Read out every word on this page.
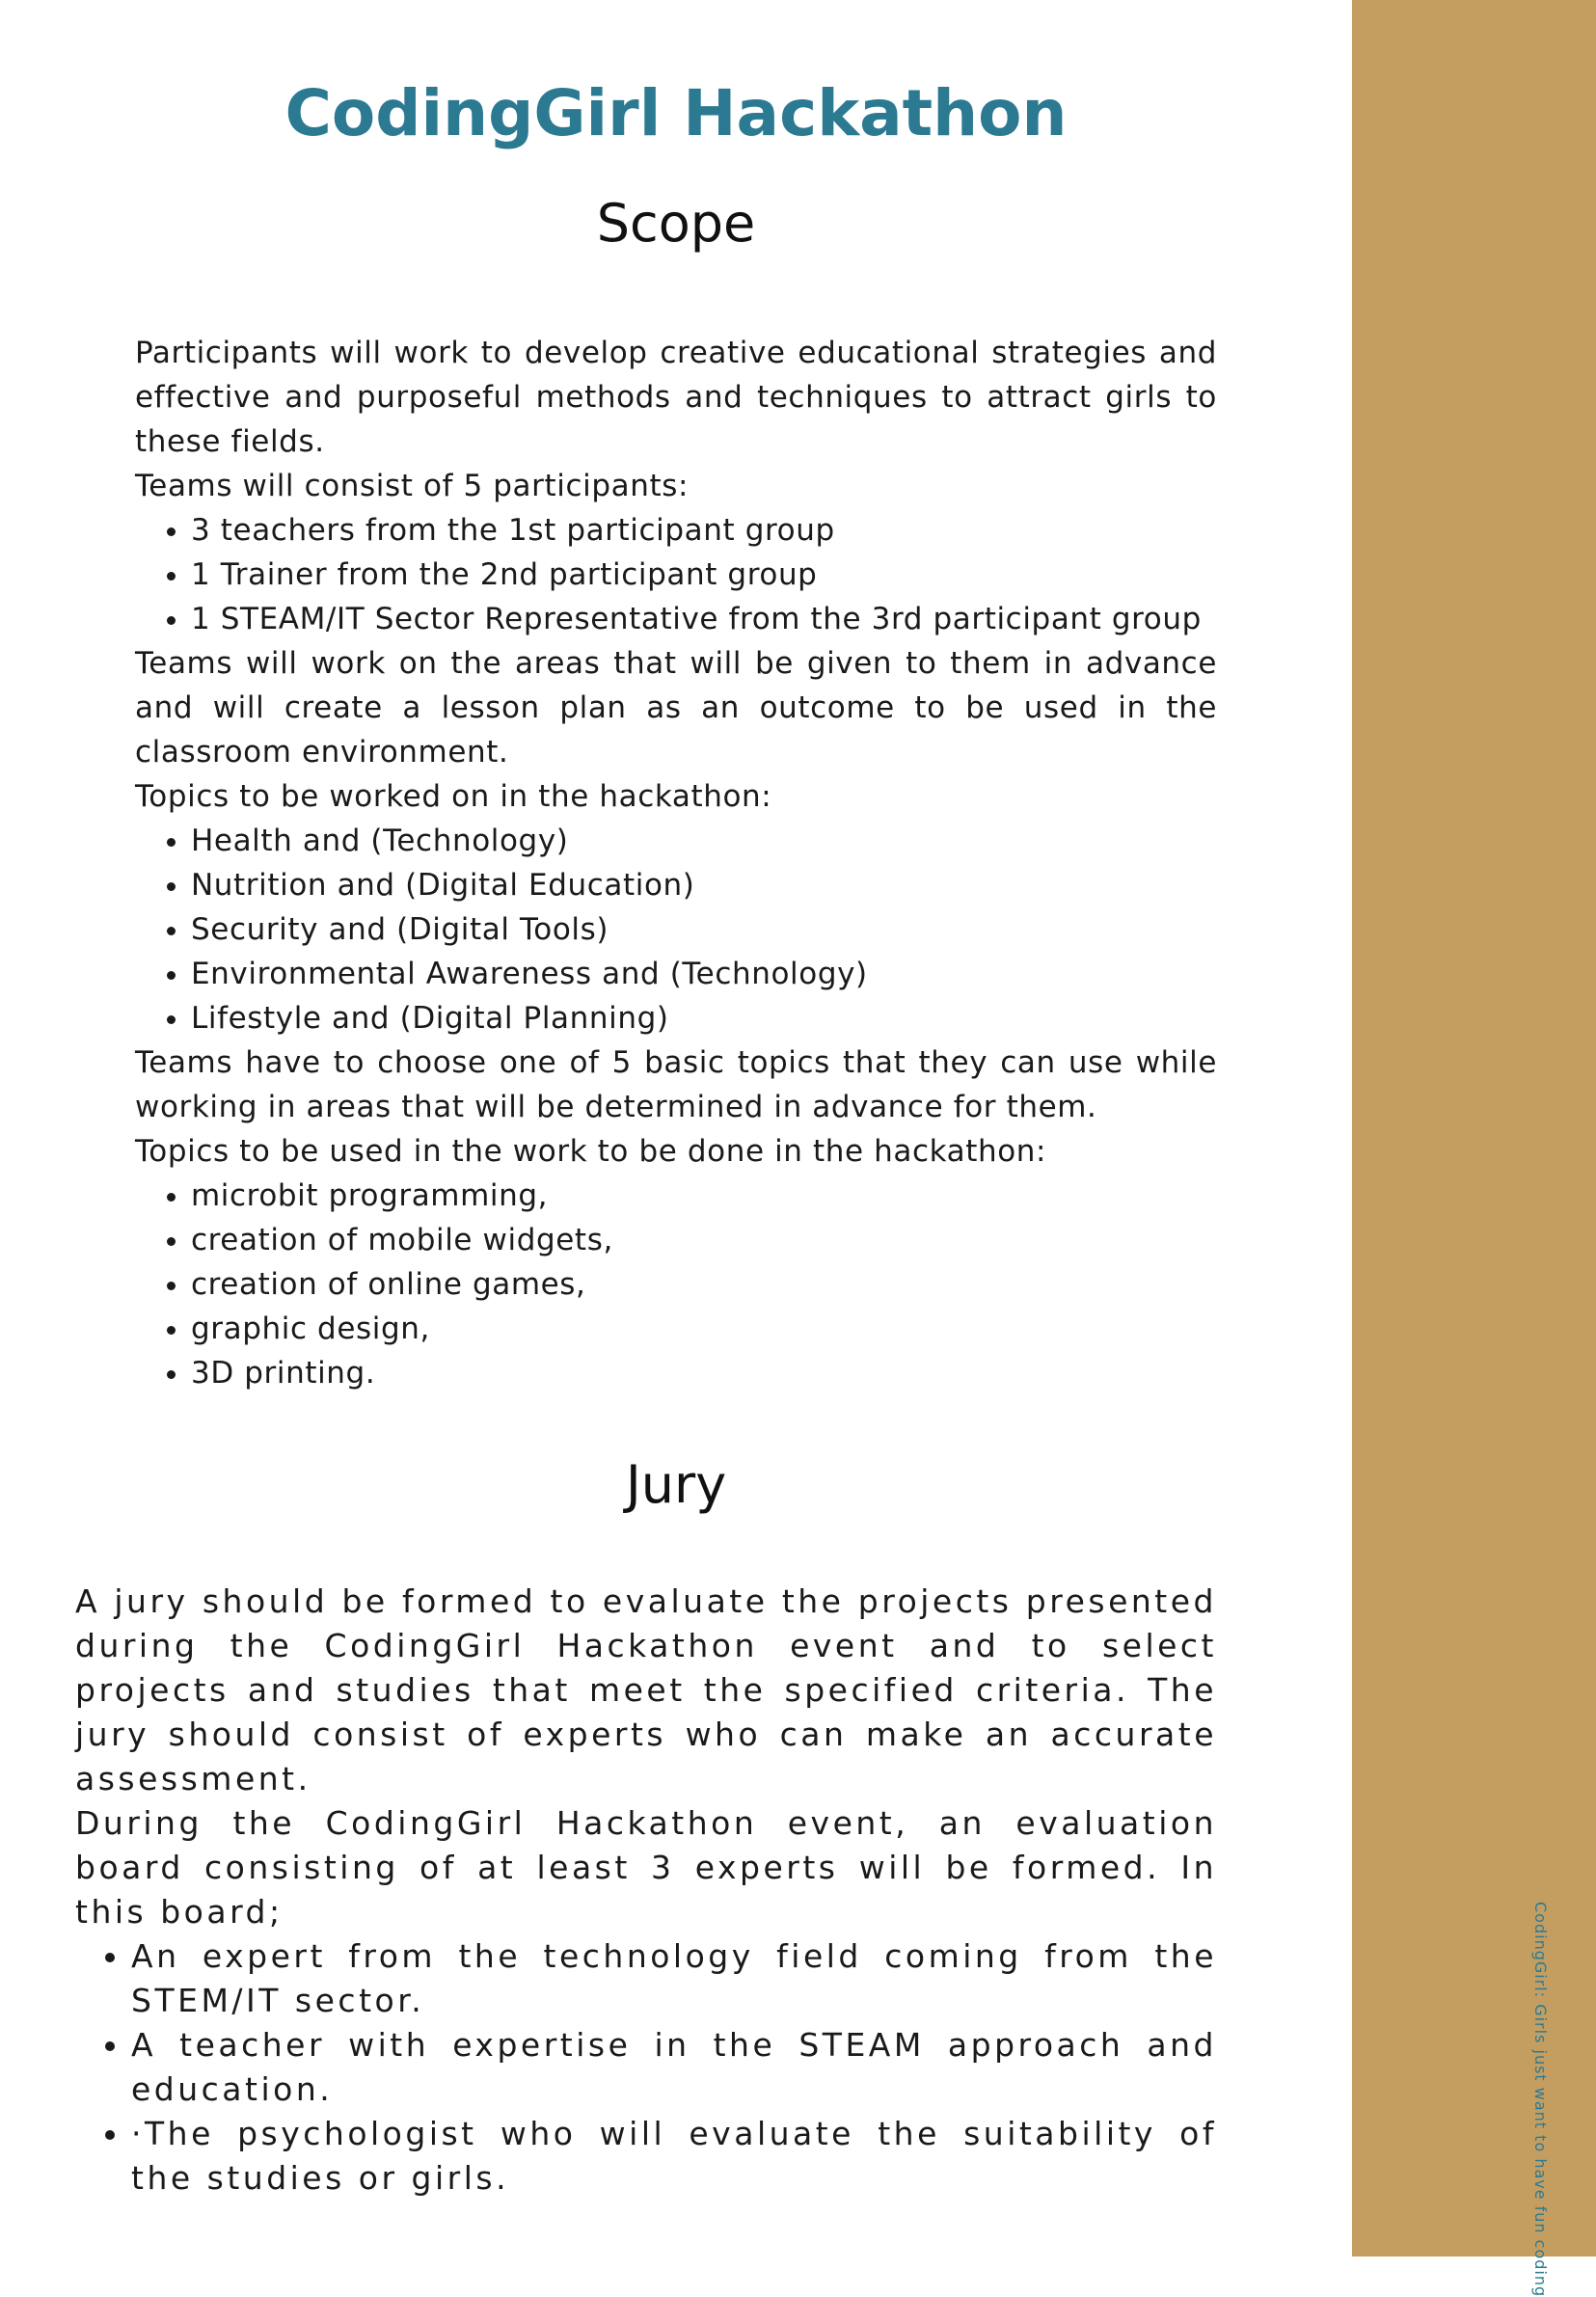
CodingGirl: Girls just want to have fun coding
CodingGirl Hackathon
Scope

Participants will work to develop creative educational strategies and effective and purposeful methods and techniques to attract girls to these fields.

Teams will consist of 5 participants:

• 3 teachers from the 1st participant group
• 1 Trainer from the 2nd participant group
• 1 STEAM/IT Sector Representative from the 3rd participant group

Teams will work on the areas that will be given to them in advance and will create a lesson plan as an outcome to be used in the classroom environment.

Topics to be worked on in the hackathon:

• Health and (Technology)
• Nutrition and (Digital Education)
• Security and (Digital Tools)
• Environmental Awareness and (Technology)
• Lifestyle and (Digital Planning)

Teams have to choose one of 5 basic topics that they can use while working in areas that will be determined in advance for them.

Topics to be used in the work to be done in the hackathon:

• microbit programming,
• creation of mobile widgets,
• creation of online games,
• graphic design,
• 3D printing.
Jury

A jury should be formed to evaluate the projects presented during the CodingGirl Hackathon event and to select projects and studies that meet the specified criteria. The jury should consist of experts who can make an accurate assessment.

During the CodingGirl Hackathon event, an evaluation board consisting of at least 3 experts will be formed. In this board;

• An expert from the technology field coming from the STEM/IT sector.
• A teacher with expertise in the STEAM approach and education.
• ·The psychologist who will evaluate the suitability of the studies or girls.
